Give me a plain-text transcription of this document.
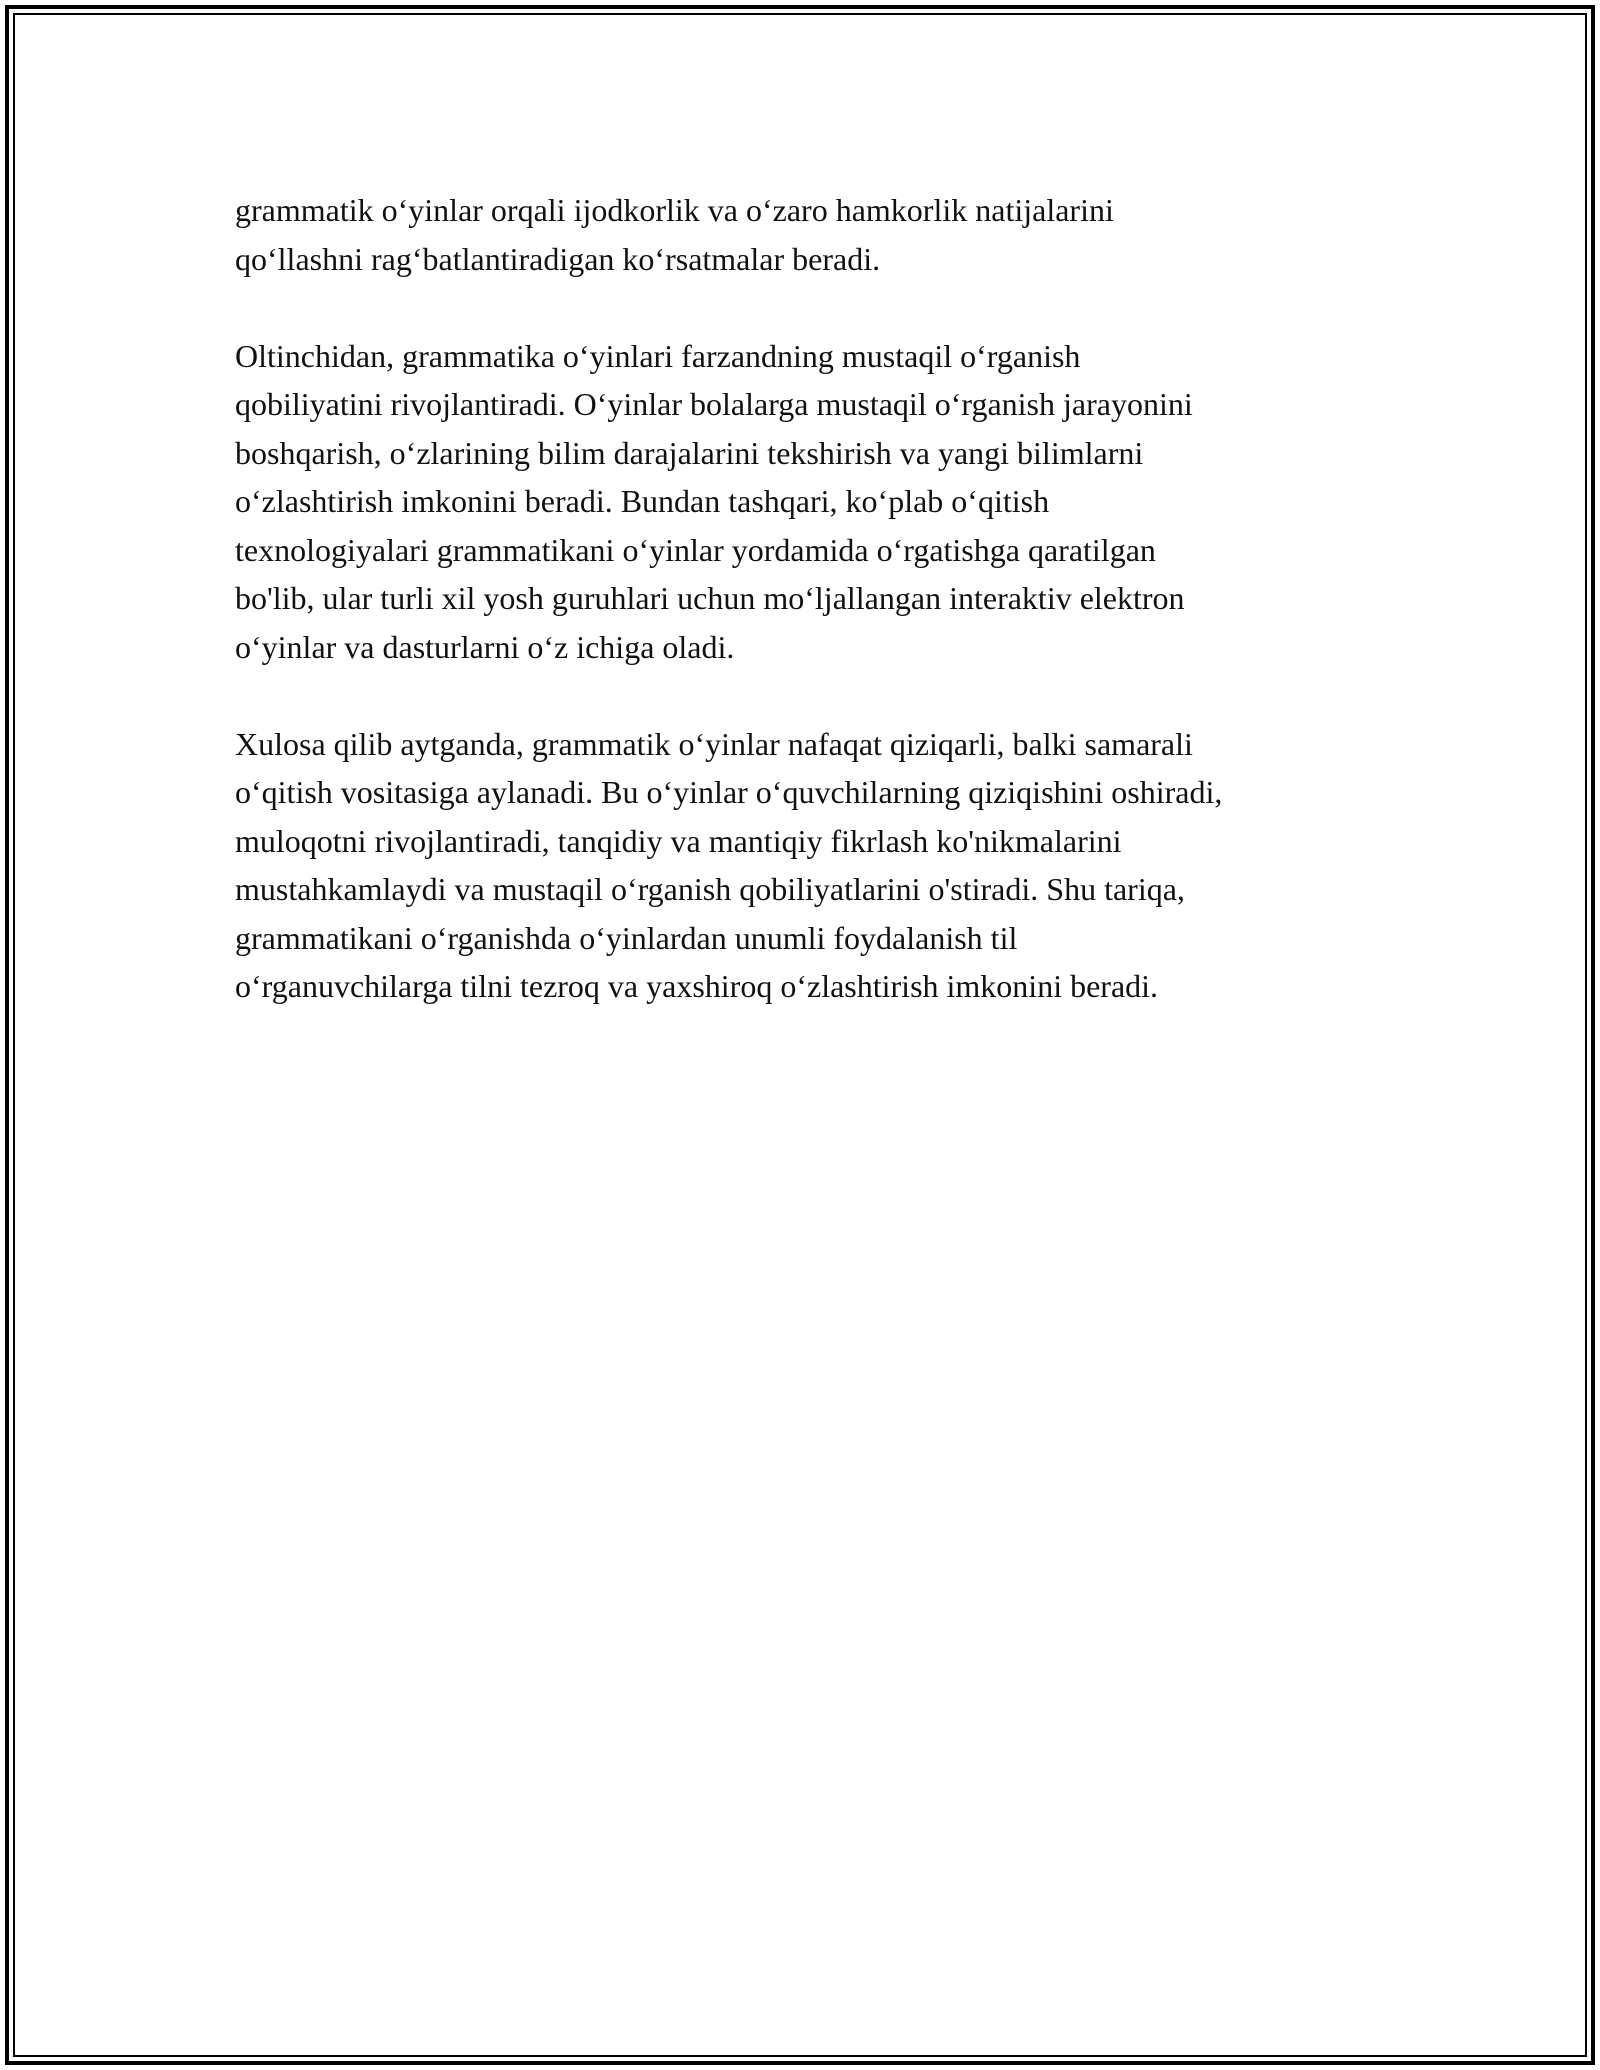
grammatik o‘yinlar orqali ijodkorlik va o‘zaro hamkorlik natijalarini
qo‘llashni rag‘batlantiradigan ko‘rsatmalar beradi.

Oltinchidan, grammatika o‘yinlari farzandning mustaqil o‘rganish
qobiliyatini rivojlantiradi. O‘yinlar bolalarga mustaqil o‘rganish jarayonini
boshqarish, o‘zlarining bilim darajalarini tekshirish va yangi bilimlarni
o‘zlashtirish imkonini beradi. Bundan tashqari, ko‘plab o‘qitish
texnologiyalari grammatikani o‘yinlar yordamida o‘rgatishga qaratilgan
bo'lib, ular turli xil yosh guruhlari uchun mo‘ljallangan interaktiv elektron
o‘yinlar va dasturlarni o‘z ichiga oladi.

Xulosa qilib aytganda, grammatik o‘yinlar nafaqat qiziqarli, balki samarali
o‘qitish vositasiga aylanadi. Bu o‘yinlar o‘quvchilarning qiziqishini oshiradi,
muloqotni rivojlantiradi, tanqidiy va mantiqiy fikrlash ko'nikmalarini
mustahkamlaydi va mustaqil o‘rganish qobiliyatlarini o'stiradi. Shu tariqa,
grammatikani o‘rganishda o‘yinlardan unumli foydalanish til
o‘rganuvchilarga tilni tezroq va yaxshiroq o‘zlashtirish imkonini beradi.
